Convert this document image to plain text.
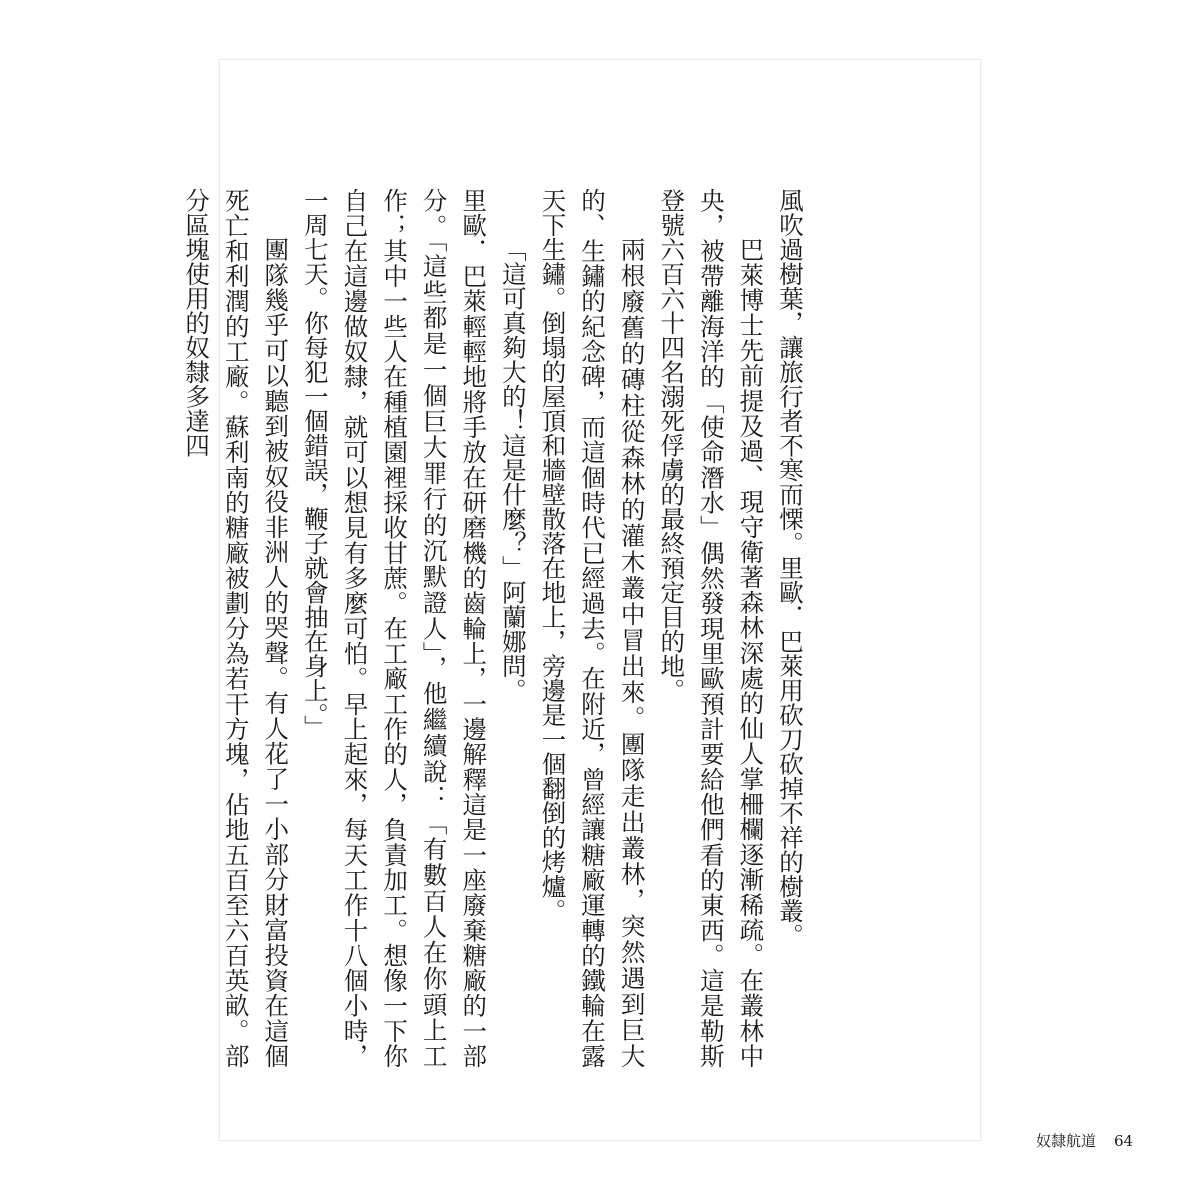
風吹過樹葉，讓旅行者不寒而慄。里歐．巴萊用砍刀砍掉不祥的樹叢。

巴萊博士先前提及過、現守衛著森林深處的仙人掌柵欄逐漸稀疏。在叢林中央，被帶離海洋的「使命潛水」偶然發現里歐預計要給他們看的東西。這是勒斯登號六百六十四名溺死俘虜的最終預定目的地。

兩根廢舊的磚柱從森林的灌木叢中冒出來。團隊走出叢林，突然遇到巨大的、生鏽的紀念碑，而這個時代已經過去。在附近，曾經讓糖廠運轉的鐵輪在露天下生鏽。倒塌的屋頂和牆壁散落在地上，旁邊是一個翻倒的烤爐。

「這可真夠大的！這是什麼？」阿蘭娜問。

里歐．巴萊輕輕地將手放在研磨機的齒輪上，一邊解釋這是一座廢棄糖廠的一部分。「這些都是一個巨大罪行的沉默證人」，他繼續說：「有數百人在你頭上工作；其中一些人在種植園裡採收甘蔗。在工廠工作的人，負責加工。想像一下你自己在這邊做奴隸，就可以想見有多麼可怕。早上起來，每天工作十八個小時，一周七天。你每犯一個錯誤，鞭子就會抽在身上。」

團隊幾乎可以聽到被奴役非洲人的哭聲。有人花了一小部分財富投資在這個死亡和利潤的工廠。蘇利南的糖廠被劃分為若干方塊，佔地五百至六百英畝。部分區塊使用的奴隸多達四

奴隸航道 64
